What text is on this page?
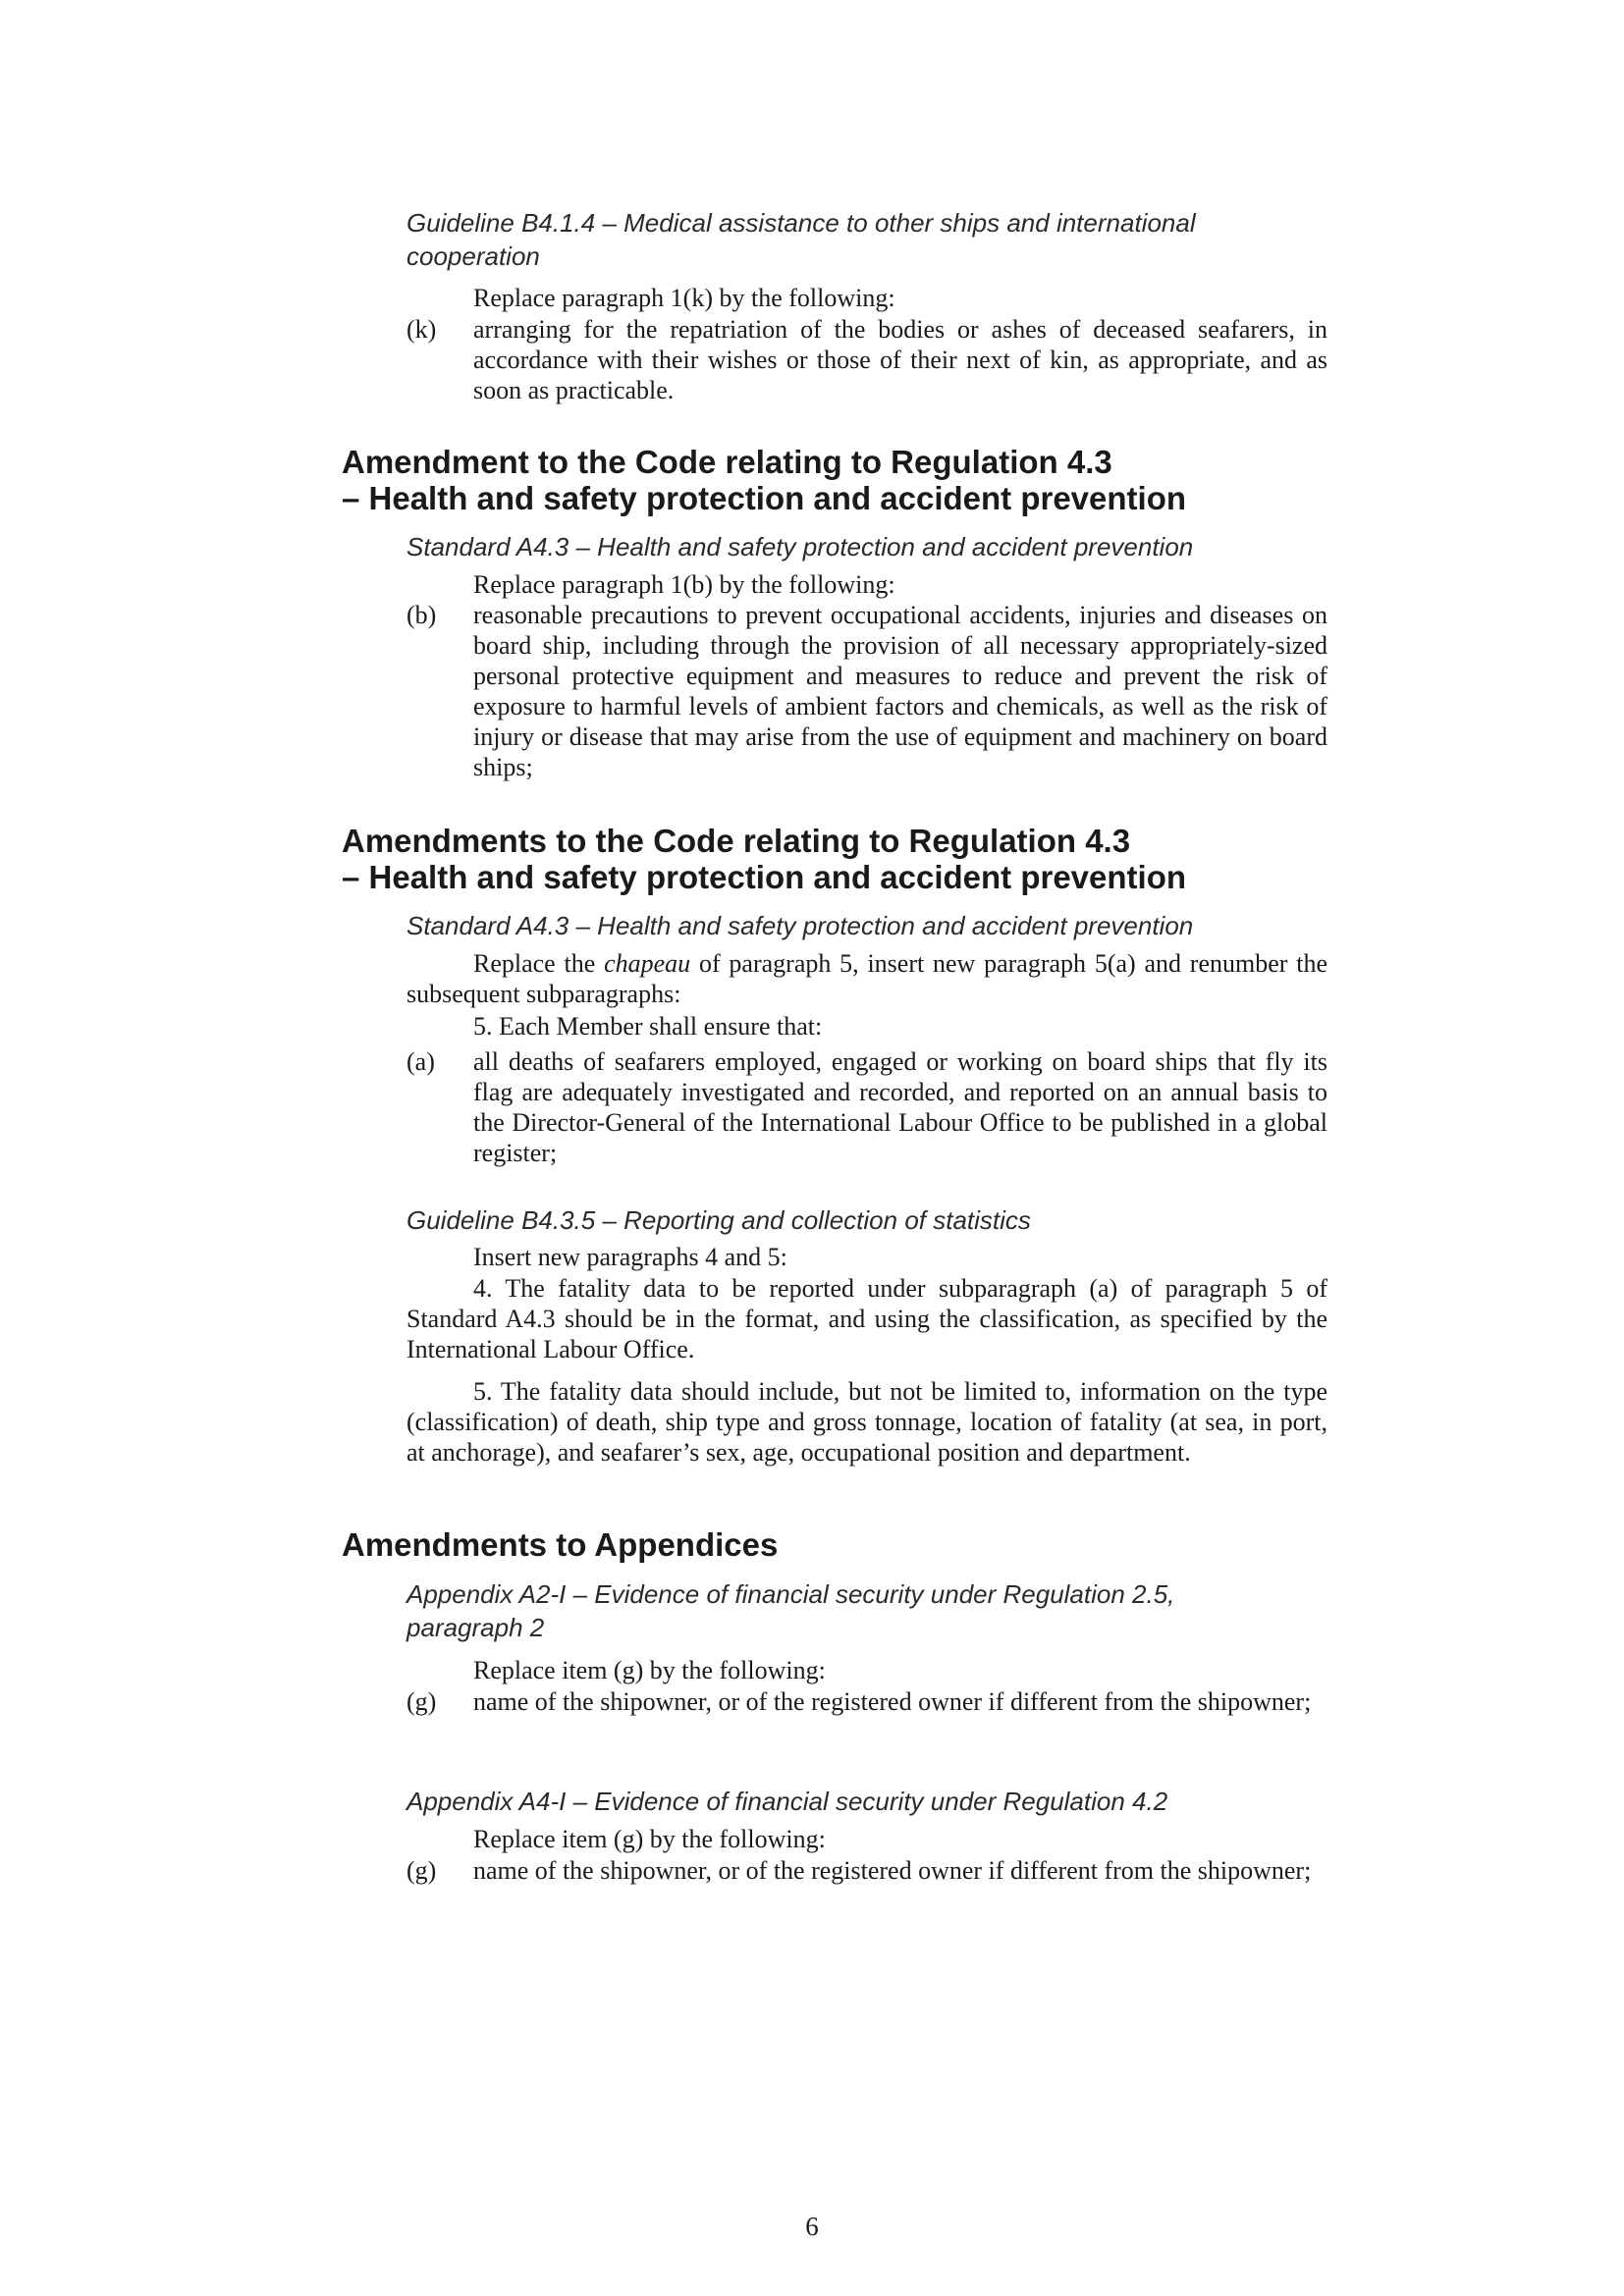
Guideline B4.1.4 – Medical assistance to other ships and international cooperation

Replace paragraph 1(k) by the following:

(k) arranging for the repatriation of the bodies or ashes of deceased seafarers, in accordance with their wishes or those of their next of kin, as appropriate, and as soon as practicable.

Amendment to the Code relating to Regulation 4.3

– Health and safety protection and accident prevention

Standard A4.3 – Health and safety protection and accident prevention

Replace paragraph 1(b) by the following:

(b) reasonable precautions to prevent occupational accidents, injuries and diseases on board ship, including through the provision of all necessary appropriately-sized personal protective equipment and measures to reduce and prevent the risk of exposure to harmful levels of ambient factors and chemicals, as well as the risk of injury or disease that may arise from the use of equipment and machinery on board ships;

Amendments to the Code relating to Regulation 4.3

– Health and safety protection and accident prevention

Standard A4.3 – Health and safety protection and accident prevention

Replace the chapeau of paragraph 5, insert new paragraph 5(a) and renumber the subsequent subparagraphs:

5. Each Member shall ensure that:

(a) all deaths of seafarers employed, engaged or working on board ships that fly its flag are adequately investigated and recorded, and reported on an annual basis to the Director-General of the International Labour Office to be published in a global register;

Guideline B4.3.5 – Reporting and collection of statistics

Insert new paragraphs 4 and 5:

4. The fatality data to be reported under subparagraph (a) of paragraph 5 of Standard A4.3 should be in the format, and using the classification, as specified by the International Labour Office.

5. The fatality data should include, but not be limited to, information on the type (classification) of death, ship type and gross tonnage, location of fatality (at sea, in port, at anchorage), and seafarer’s sex, age, occupational position and department.

Amendments to Appendices

Appendix A2-I – Evidence of financial security under Regulation 2.5, paragraph 2

Replace item (g) by the following:

(g) name of the shipowner, or of the registered owner if different from the shipowner;

Appendix A4-I – Evidence of financial security under Regulation 4.2

Replace item (g) by the following:

(g) name of the shipowner, or of the registered owner if different from the shipowner;

6
